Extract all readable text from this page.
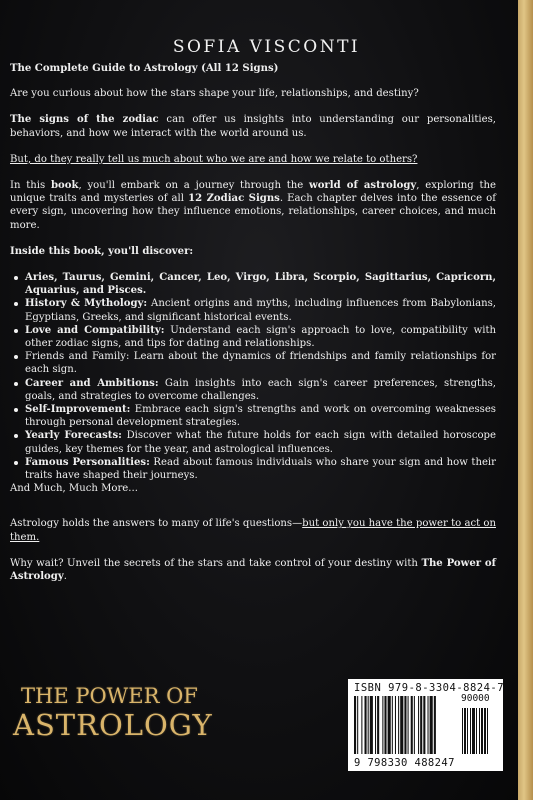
SOFIA VISCONTI

The Complete Guide to Astrology (All 12 Signs)

Are you curious about how the stars shape your life, relationships, and destiny?

The signs of the zodiac can offer us insights into understanding our personalities, behaviors, and how we interact with the world around us.

But, do they really tell us much about who we are and how we relate to others?

In this book, you'll embark on a journey through the world of astrology, exploring the unique traits and mysteries of all 12 Zodiac Signs. Each chapter delves into the essence of every sign, uncovering how they influence emotions, relationships, career choices, and much more.

Inside this book, you'll discover:

Aries, Taurus, Gemini, Cancer, Leo, Virgo, Libra, Scorpio, Sagittarius, Capricorn, Aquarius, and Pisces.
History & Mythology: Ancient origins and myths, including influences from Babylonians, Egyptians, Greeks, and significant historical events.
Love and Compatibility: Understand each sign's approach to love, compatibility with other zodiac signs, and tips for dating and relationships.
Friends and Family: Learn about the dynamics of friendships and family relationships for each sign.
Career and Ambitions: Gain insights into each sign's career preferences, strengths, goals, and strategies to overcome challenges.
Self-Improvement: Embrace each sign's strengths and work on overcoming weaknesses through personal development strategies.
Yearly Forecasts: Discover what the future holds for each sign with detailed horoscope guides, key themes for the year, and astrological influences.
Famous Personalities: Read about famous individuals who share your sign and how their traits have shaped their journeys.

And Much, Much More...

Astrology holds the answers to many of life's questions—but only you have the power to act on them.

Why wait? Unveil the secrets of the stars and take control of your destiny with The Power of Astrology.

THE POWER OF
ASTROLOGY
ISBN 979-8-3304-8824-7
90000
9 798330 488247
